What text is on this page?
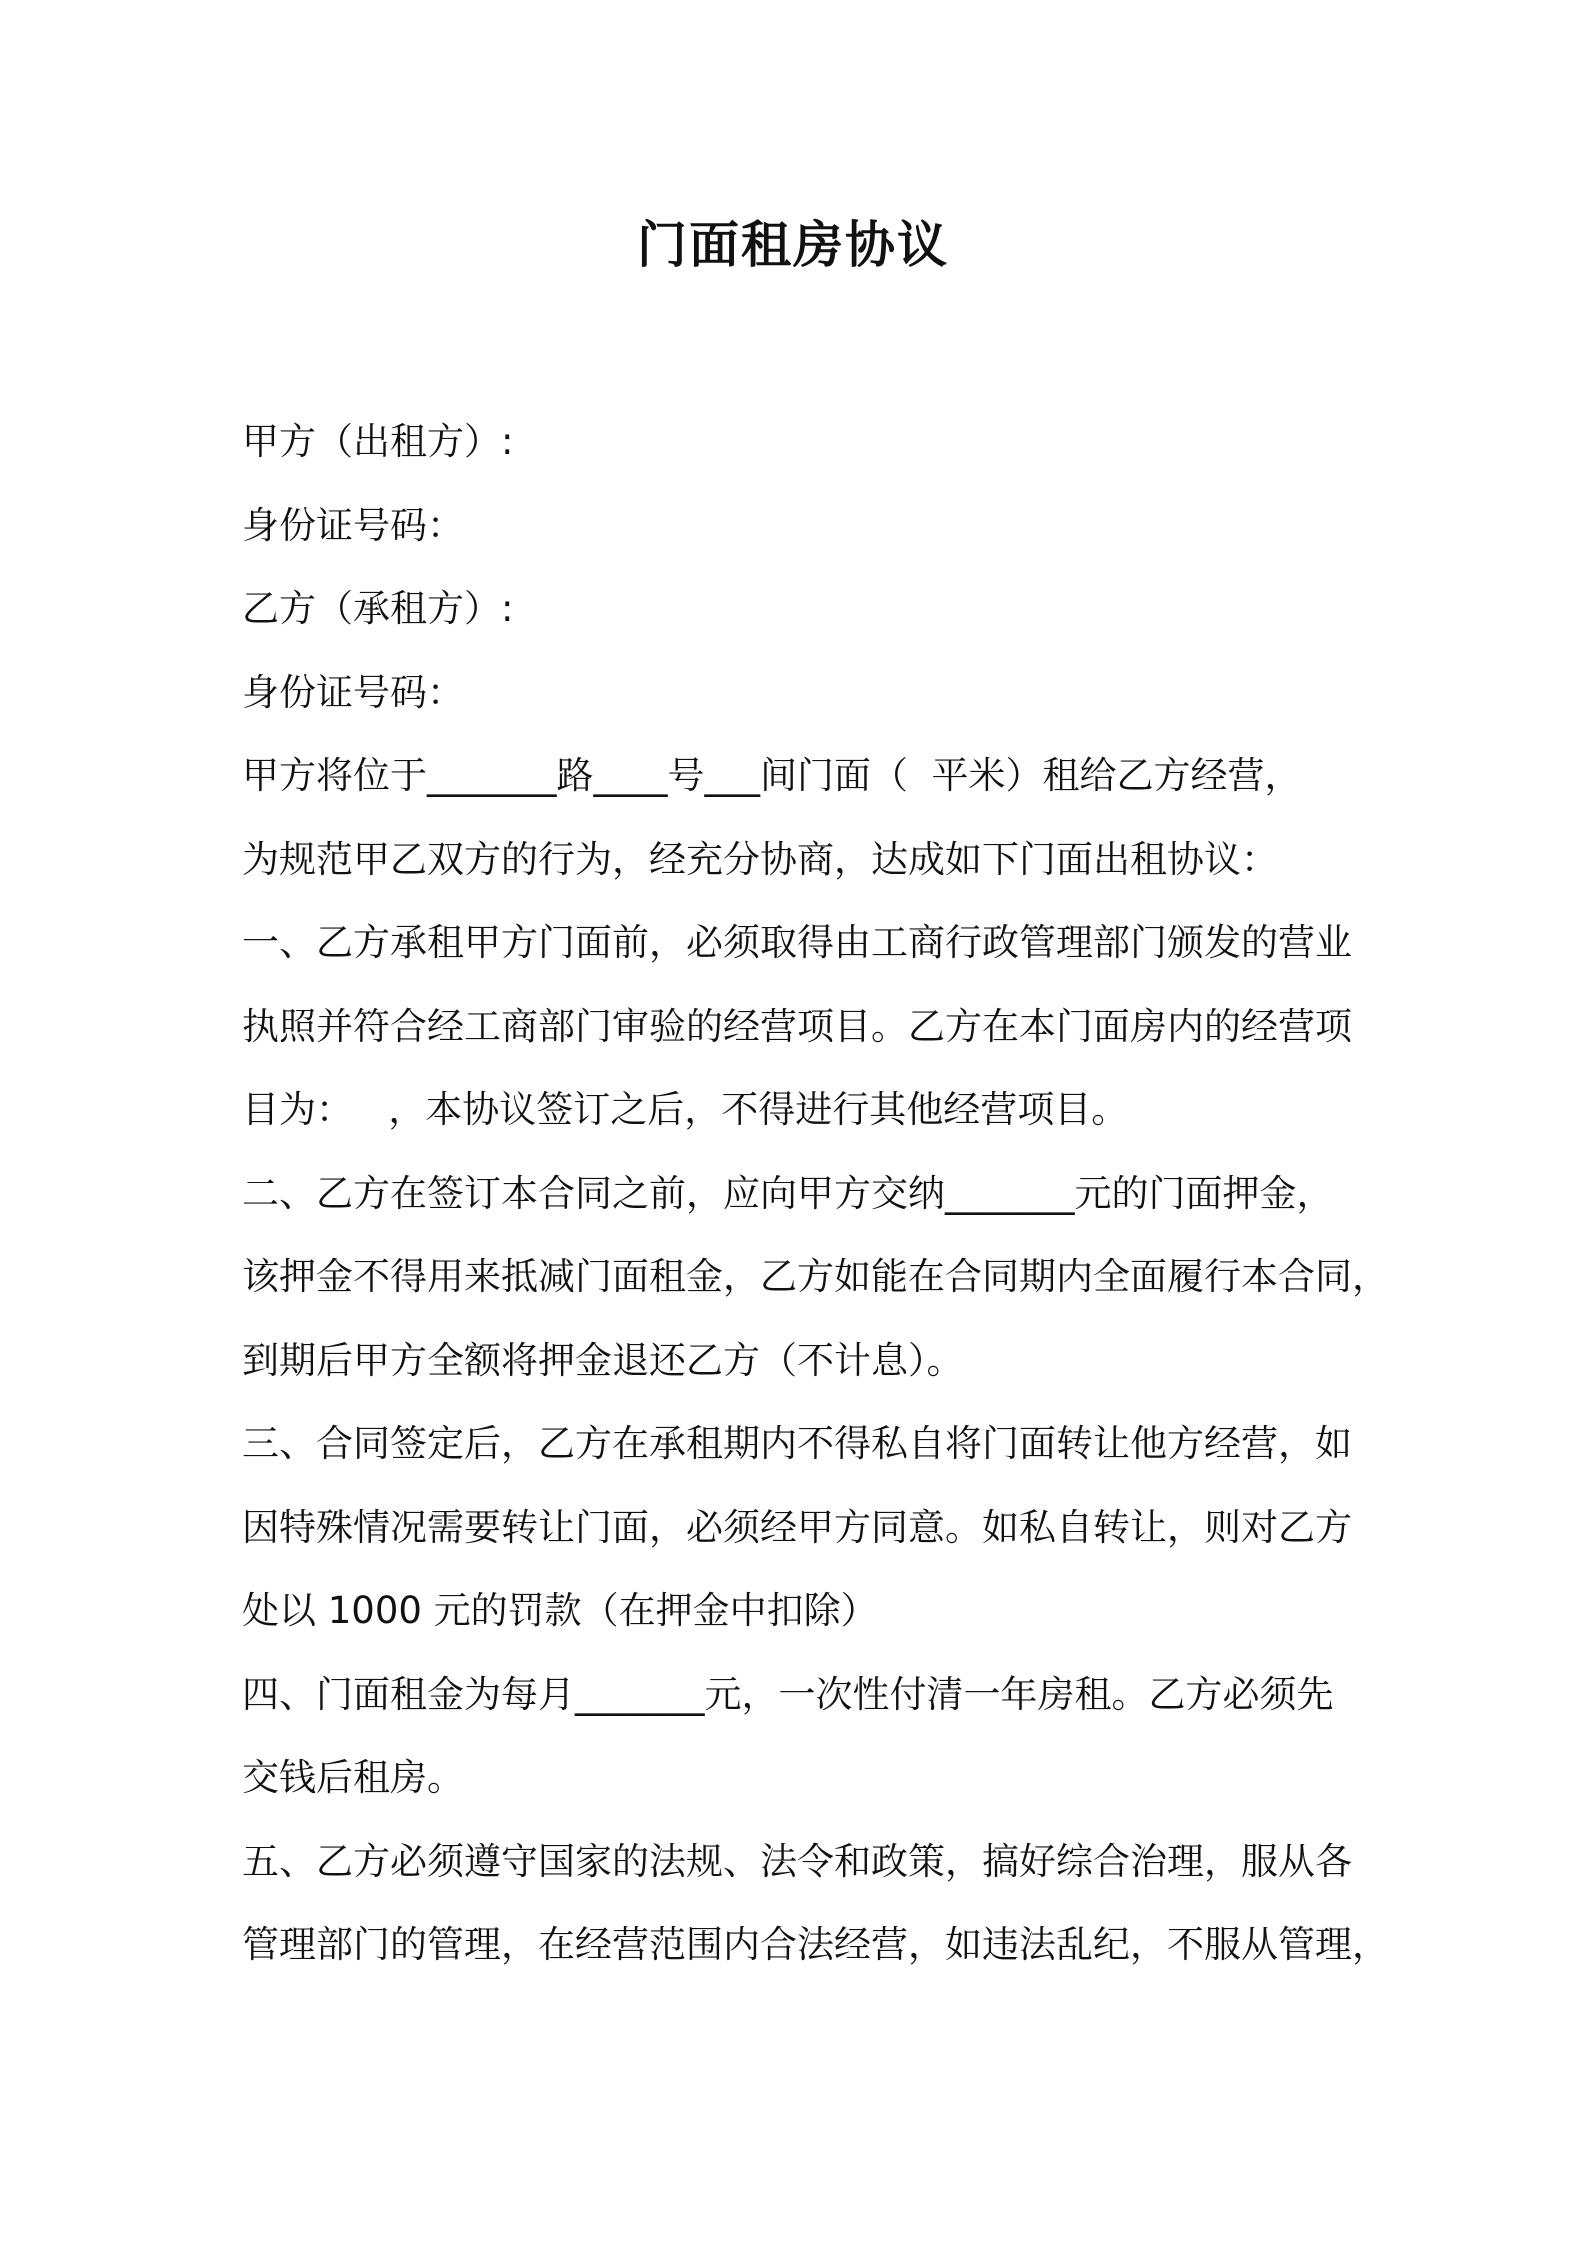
门面租房协议
甲方（出租方）:
身份证号码：
乙方（承租方）:
身份证号码：
甲方将位于_______路____号___间门面（  平米）租给乙方经营，
为规范甲乙双方的行为，经充分协商，达成如下门面出租协议：
一、乙方承租甲方门面前，必须取得由工商行政管理部门颁发的营业
执照并符合经工商部门审验的经营项目。乙方在本门面房内的经营项
目为：   ，本协议签订之后，不得进行其他经营项目。
二、乙方在签订本合同之前，应向甲方交纳_______元的门面押金，
该押金不得用来抵减门面租金，乙方如能在合同期内全面履行本合同，
到期后甲方全额将押金退还乙方（不计息）。
三、合同签定后，乙方在承租期内不得私自将门面转让他方经营，如
因特殊情况需要转让门面，必须经甲方同意。如私自转让，则对乙方
处以 1000 元的罚款（在押金中扣除）
四、门面租金为每月_______元，一次性付清一年房租。乙方必须先
交钱后租房。
五、乙方必须遵守国家的法规、法令和政策，搞好综合治理，服从各
管理部门的管理，在经营范围内合法经营，如违法乱纪，不服从管理，
